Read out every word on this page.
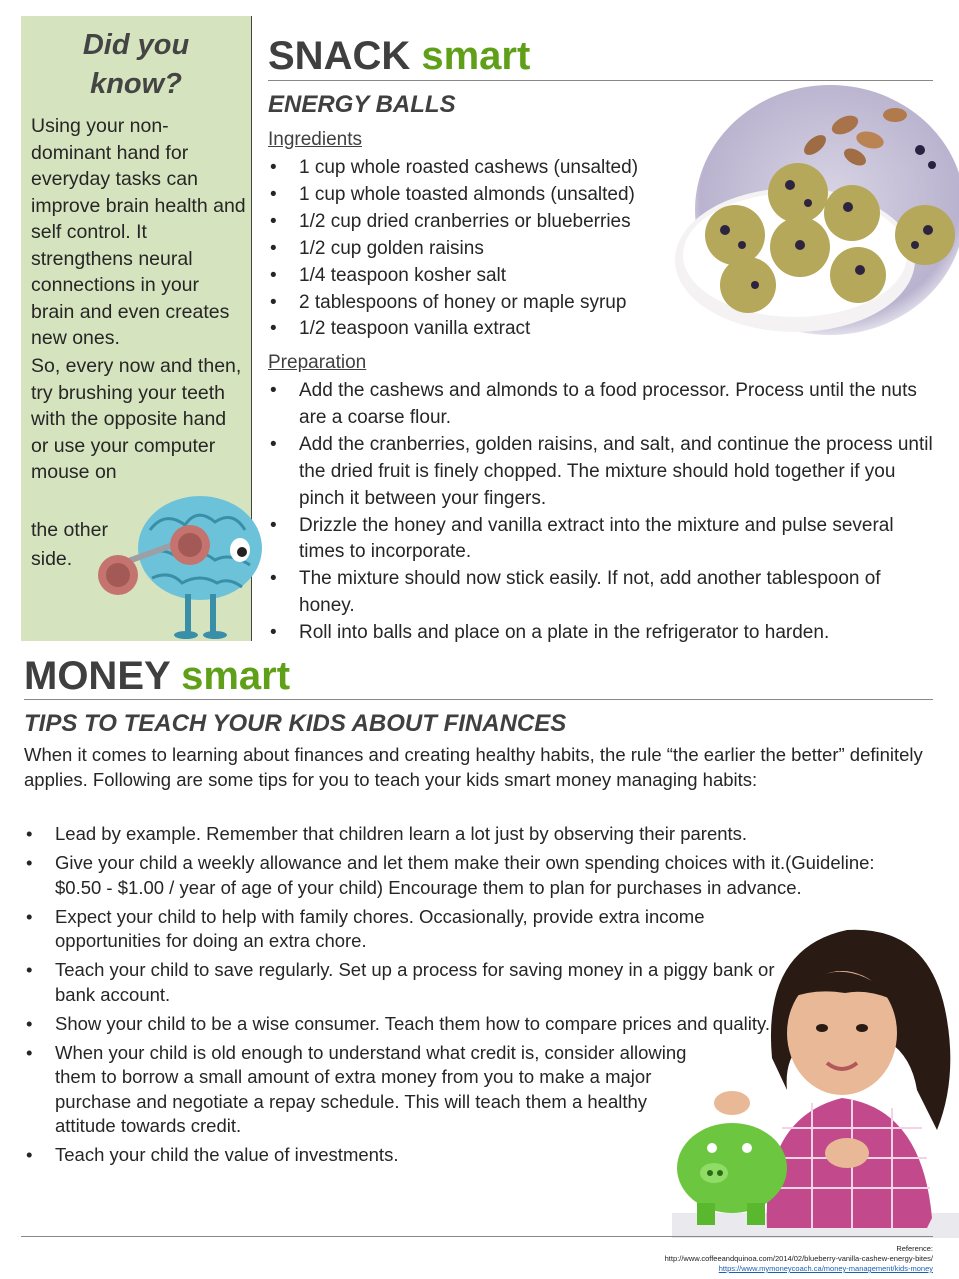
Did you
know?
Using your non-dominant hand for everyday tasks can improve brain health and self control. It strengthens neural connections in your brain and even creates new ones.
So, every now and then, try brushing your teeth with the opposite hand or use your computer mouse on
the other side.
SNACK smart
ENERGY BALLS
Ingredients
• 1 cup whole roasted cashews (unsalted)
• 1 cup whole toasted almonds (unsalted)
• 1/2 cup dried cranberries or blueberries
• 1/2 cup golden raisins
• 1/4 teaspoon kosher salt
• 2 tablespoons of honey or maple syrup
• 1/2 teaspoon vanilla extract
Preparation
• Add the cashews and almonds to a food processor. Process until the nuts are a coarse flour.
• Add the cranberries, golden raisins, and salt, and continue the process until the dried fruit is finely chopped. The mixture should hold together if you pinch it between your fingers.
• Drizzle the honey and vanilla extract into the mixture and pulse several times to incorporate.
• The mixture should now stick easily. If not, add another tablespoon of honey.
• Roll into balls and place on a plate in the refrigerator to harden.
MONEY smart
TIPS TO TEACH YOUR KIDS ABOUT FINANCES
When it comes to learning about finances and creating healthy habits, the rule “the earlier the better” definitely applies. Following are some tips for you to teach your kids smart money managing habits:
• Lead by example. Remember that children learn a lot just by observing their parents.
• Give your child a weekly allowance and let them make their own spending choices with it.(Guideline: $0.50 - $1.00 / year of age of your child) Encourage them to plan for purchases in advance.
• Expect your child to help with family chores. Occasionally, provide extra income opportunities for doing an extra chore.
• Teach your child to save regularly. Set up a process for saving money in a piggy bank or bank account.
• Show your child to be a wise consumer. Teach them how to compare prices and quality.
• When your child is old enough to understand what credit is, consider allowing them to borrow a small amount of extra money from you to make a major purchase and negotiate a repay schedule. This will teach them a healthy attitude towards credit.
• Teach your child the value of investments.
Reference:
http://www.coffeeandquinoa.com/2014/02/blueberry-vanilla-cashew-energy-bites/
https://www.mymoneycoach.ca/money-management/kids-money
